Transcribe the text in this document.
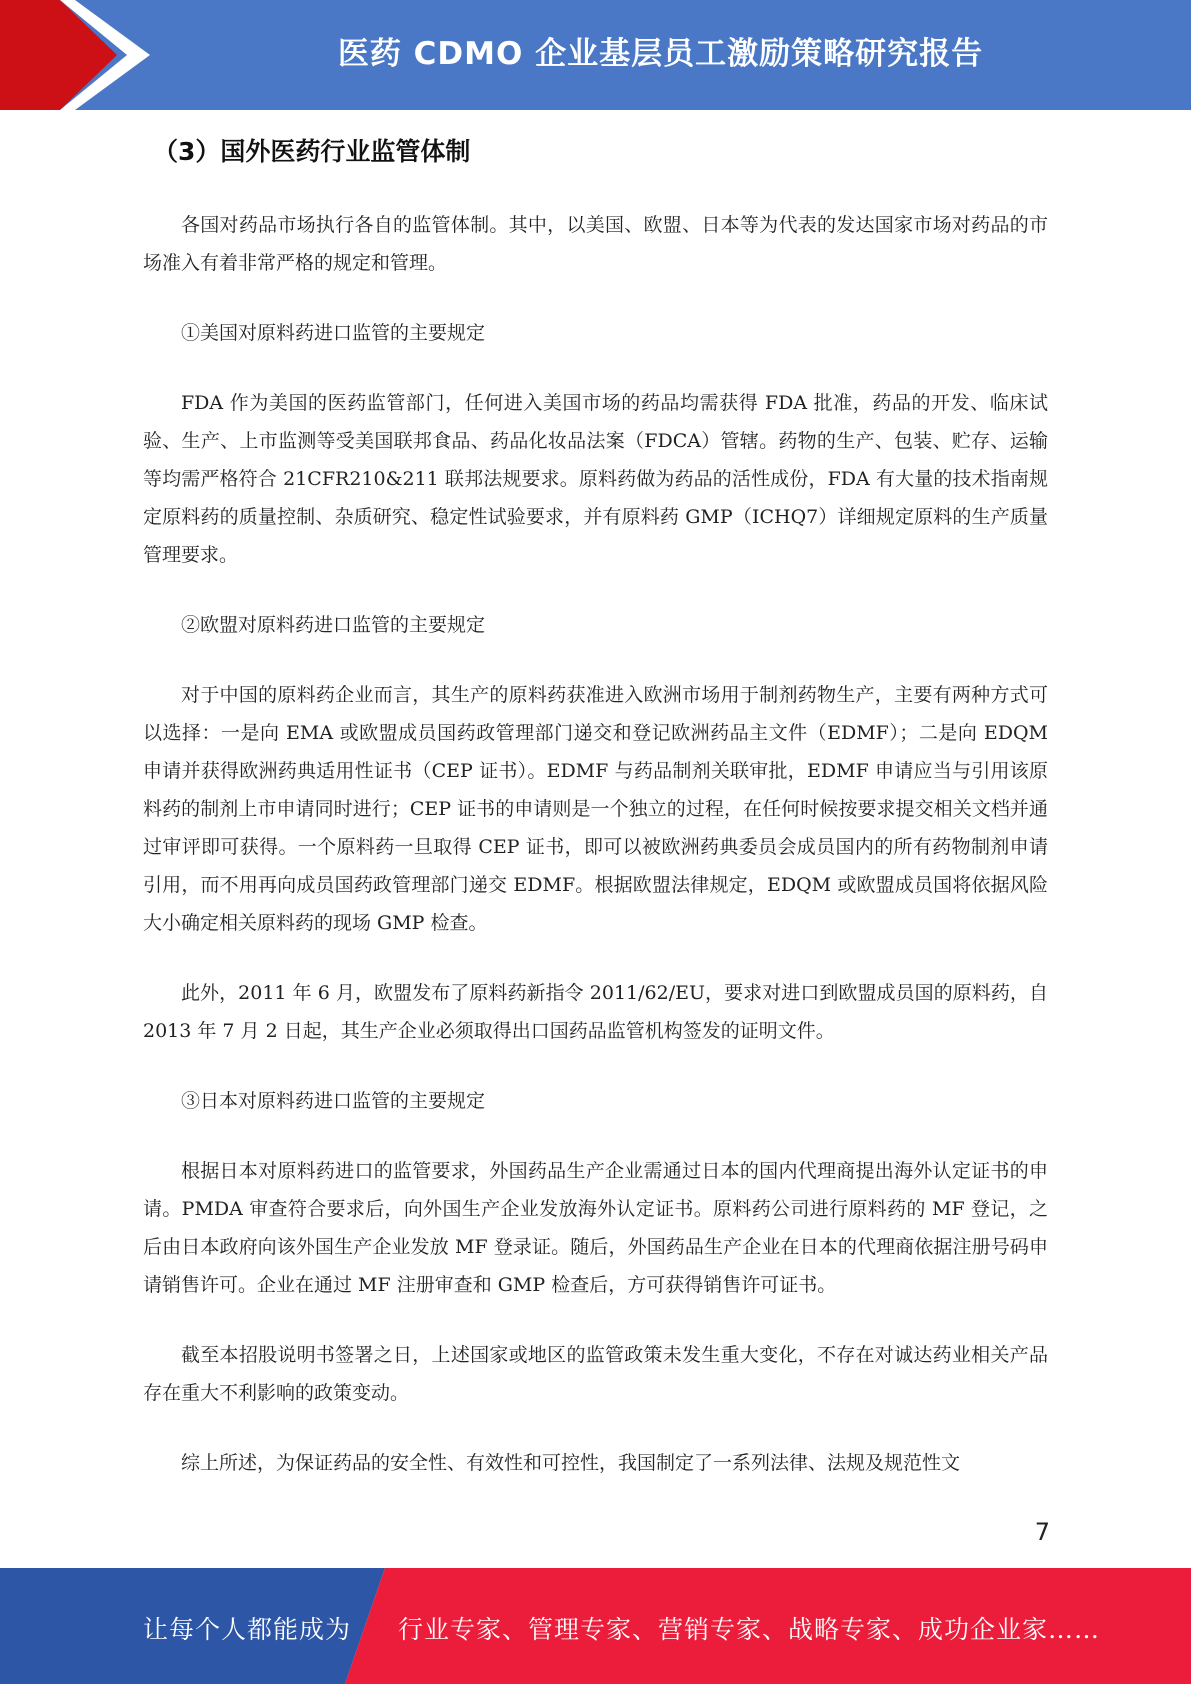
医药 CDMO 企业基层员工激励策略研究报告
（3）国外医药行业监管体制

各国对药品市场执行各自的监管体制。其中，以美国、欧盟、日本等为代表的发达国家市场对药品的市场准入有着非常严格的规定和管理。

①美国对原料药进口监管的主要规定

FDA 作为美国的医药监管部门，任何进入美国市场的药品均需获得 FDA 批准，药品的开发、临床试验、生产、上市监测等受美国联邦食品、药品化妆品法案（FDCA）管辖。药物的生产、包装、贮存、运输等均需严格符合 21CFR210&211 联邦法规要求。原料药做为药品的活性成份，FDA 有大量的技术指南规定原料药的质量控制、杂质研究、稳定性试验要求，并有原料药 GMP（ICHQ7）详细规定原料的生产质量管理要求。

②欧盟对原料药进口监管的主要规定

对于中国的原料药企业而言，其生产的原料药获准进入欧洲市场用于制剂药物生产，主要有两种方式可以选择：一是向 EMA 或欧盟成员国药政管理部门递交和登记欧洲药品主文件（EDMF）；二是向 EDQM 申请并获得欧洲药典适用性证书（CEP 证书）。EDMF 与药品制剂关联审批，EDMF 申请应当与引用该原料药的制剂上市申请同时进行；CEP 证书的申请则是一个独立的过程，在任何时候按要求提交相关文档并通过审评即可获得。一个原料药一旦取得 CEP 证书，即可以被欧洲药典委员会成员国内的所有药物制剂申请引用，而不用再向成员国药政管理部门递交 EDMF。根据欧盟法律规定，EDQM 或欧盟成员国将依据风险大小确定相关原料药的现场 GMP 检查。

此外，2011 年 6 月，欧盟发布了原料药新指令 2011/62/EU，要求对进口到欧盟成员国的原料药，自 2013 年 7 月 2 日起，其生产企业必须取得出口国药品监管机构签发的证明文件。

③日本对原料药进口监管的主要规定

根据日本对原料药进口的监管要求，外国药品生产企业需通过日本的国内代理商提出海外认定证书的申请。PMDA 审查符合要求后，向外国生产企业发放海外认定证书。原料药公司进行原料药的 MF 登记，之后由日本政府向该外国生产企业发放 MF 登录证。随后，外国药品生产企业在日本的代理商依据注册号码申请销售许可。企业在通过 MF 注册审查和 GMP 检查后，方可获得销售许可证书。

截至本招股说明书签署之日，上述国家或地区的监管政策未发生重大变化，不存在对诚达药业相关产品存在重大不利影响的政策变动。

综上所述，为保证药品的安全性、有效性和可控性，我国制定了一系列法律、法规及规范性文

7
让每个人都能成为 行业专家、管理专家、营销专家、战略专家、成功企业家……
